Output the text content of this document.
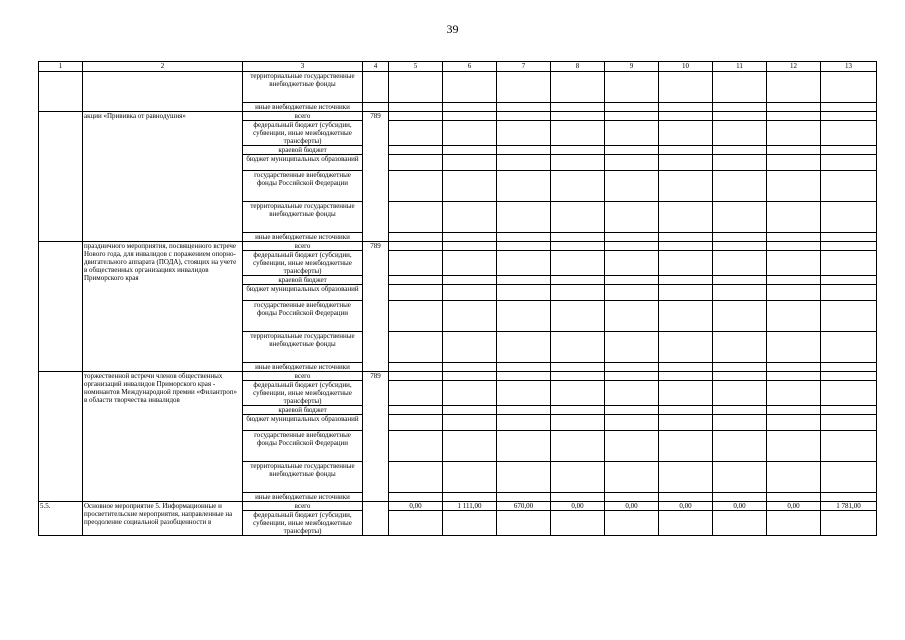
39
1	2	3	4	5	6	7	8	9	10	11	12	13
		территориальные государственные внебюджетные фонды										
		иные внебюджетные источники										
	акции «Прививка от равнодушия»	всего	789									
		федеральный бюджет (субсидии, субвенции, иные межбюджетные трансферты)										
		краевой бюджет										
		бюджет муниципальных образований										
		государственные внебюджетные фонды Российской Федерации										
		территориальные государственные внебюджетные фонды										
		иные внебюджетные источники										
	праздничного мероприятия, посвященного встрече Нового года, для инвалидов с поражением опорно-двигательного аппарата (ПОДА), стоящих на учете в общественных организациях инвалидов Приморского края	всего	789									
		федеральный бюджет (субсидии, субвенции, иные межбюджетные трансферты)										
		краевой бюджет										
		бюджет муниципальных образований										
		государственные внебюджетные фонды Российской Федерации										
		территориальные государственные внебюджетные фонды										
		иные внебюджетные источники										
	торжественной встречи членов общественных организаций инвалидов Приморского края - номинантов Международной премии «Филантроп» в области творчества инвалидов	всего	789									
		федеральный бюджет (субсидии, субвенции, иные межбюджетные трансферты)										
		краевой бюджет										
		бюджет муниципальных образований										
		государственные внебюджетные фонды Российской Федерации										
		территориальные государственные внебюджетные фонды										
		иные внебюджетные источники										
5.5.	Основное мероприятие 5. Информационные и просветительские мероприятия, направленные на преодоление социальной разобщенности в	всего		0,00	1 111,00	670,00	0,00	0,00	0,00	0,00	0,00	1 781,00
		федеральный бюджет (субсидии, субвенции, иные межбюджетные трансферты)										
